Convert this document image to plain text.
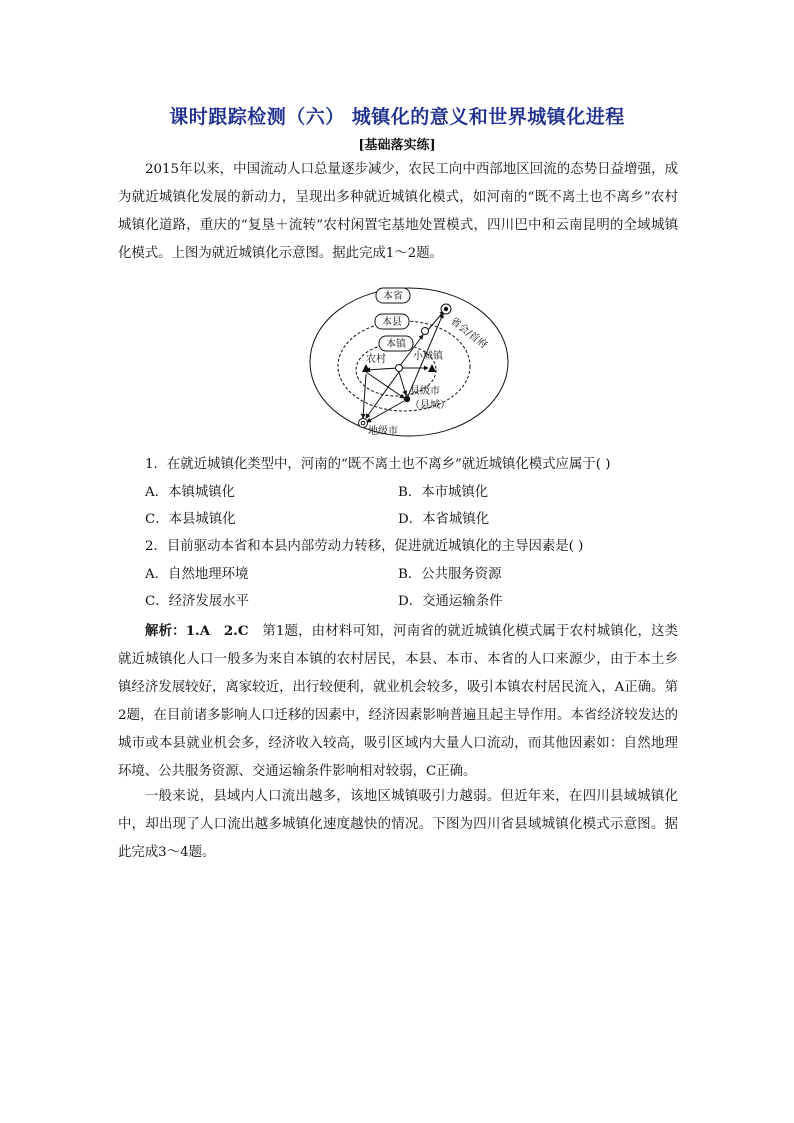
课时跟踪检测（六） 城镇化的意义和世界城镇化进程
[基础落实练]
2015年以来，中国流动人口总量逐步减少，农民工向中西部地区回流的态势日益增强，成为就近城镇化发展的新动力，呈现出多种就近城镇化模式，如河南的“既不离土也不离乡”农村城镇化道路，重庆的“复垦＋流转”农村闲置宅基地处置模式，四川巴中和云南昆明的全域城镇化模式。上图为就近城镇化示意图。据此完成1～2题。
本省
本县
本镇
农村	小城镇
省会/首府
县级市
（县城）
地级市
1．在就近城镇化类型中，河南的“既不离土也不离乡”就近城镇化模式应属于( )
A．本镇城镇化	B．本市城镇化
C．本县城镇化	D．本省城镇化
2．目前驱动本省和本县内部劳动力转移，促进就近城镇化的主导因素是( )
A．自然地理环境	B．公共服务资源
C．经济发展水平	D．交通运输条件
解析：1.A　2.C　第1题，由材料可知，河南省的就近城镇化模式属于农村城镇化，这类就近城镇化人口一般多为来自本镇的农村居民，本县、本市、本省的人口来源少，由于本土乡镇经济发展较好，离家较近，出行较便利，就业机会较多，吸引本镇农村居民流入，A正确。第2题，在目前诸多影响人口迁移的因素中，经济因素影响普遍且起主导作用。本省经济较发达的城市或本县就业机会多，经济收入较高，吸引区域内大量人口流动，而其他因素如：自然地理环境、公共服务资源、交通运输条件影响相对较弱，C正确。
一般来说，县域内人口流出越多，该地区城镇吸引力越弱。但近年来，在四川县域城镇化中，却出现了人口流出越多城镇化速度越快的情况。下图为四川省县域城镇化模式示意图。据此完成3～4题。
